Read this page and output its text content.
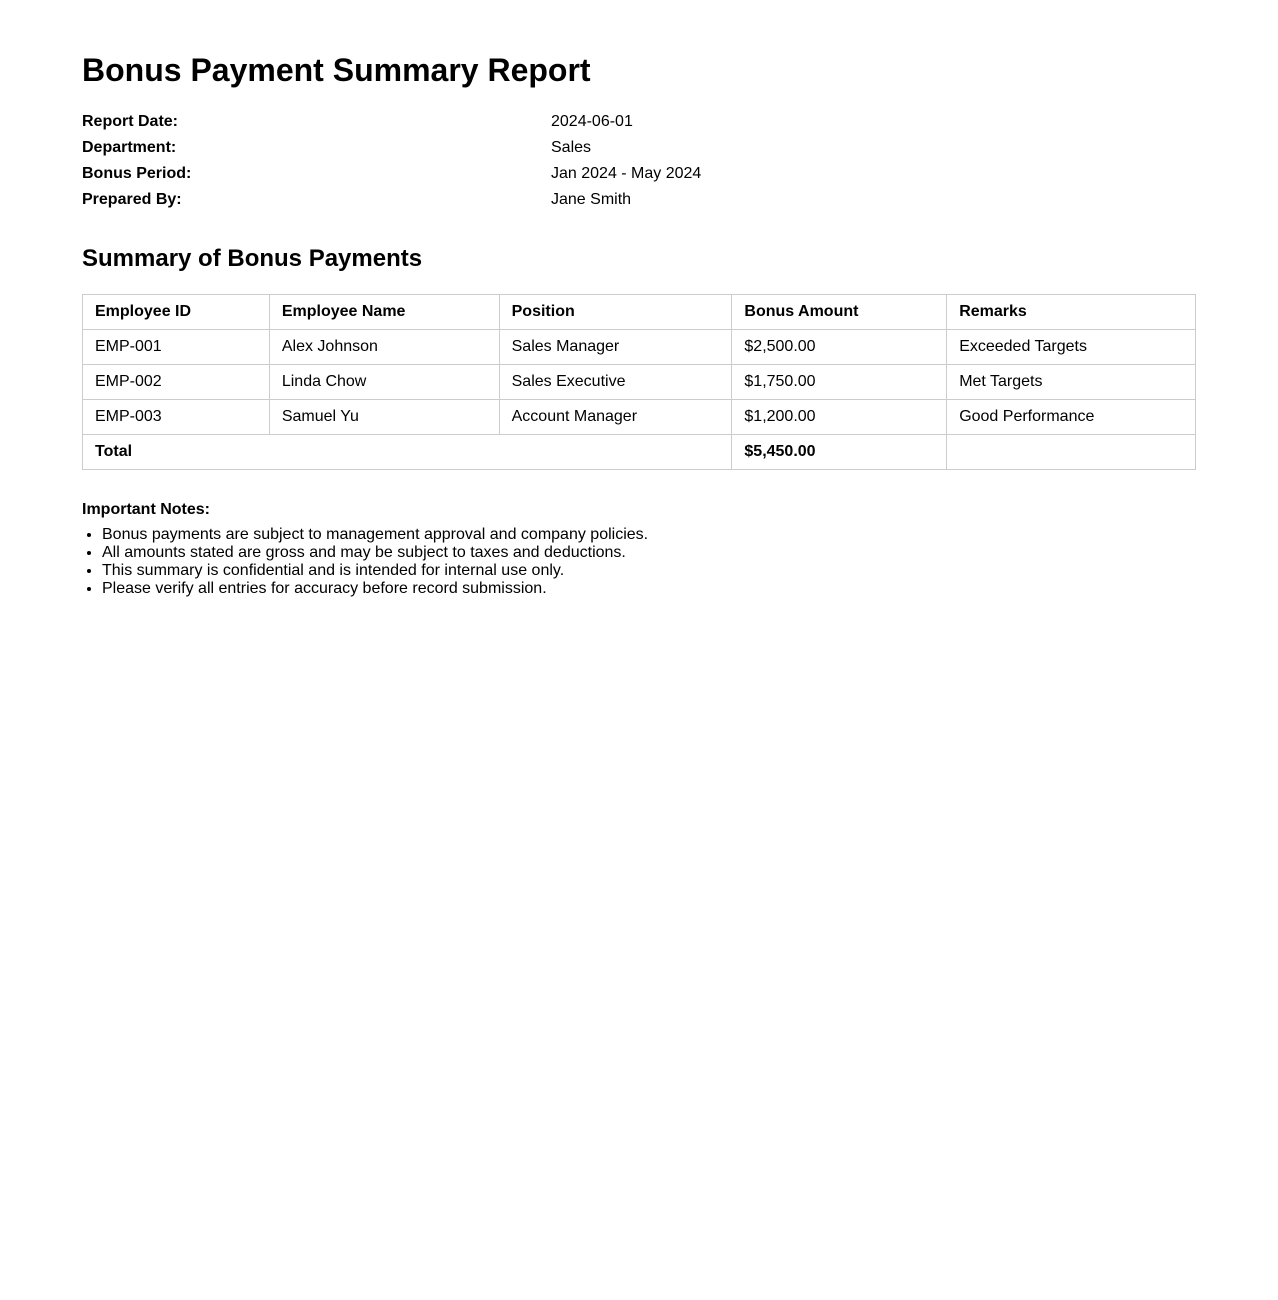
Bonus Payment Summary Report
Report Date:	2024-06-01
Department:	Sales
Bonus Period:	Jan 2024 - May 2024
Prepared By:	Jane Smith
Summary of Bonus Payments
Employee ID	Employee Name	Position	Bonus Amount	Remarks
EMP-001	Alex Johnson	Sales Manager	$2,500.00	Exceeded Targets
EMP-002	Linda Chow	Sales Executive	$1,750.00	Met Targets
EMP-003	Samuel Yu	Account Manager	$1,200.00	Good Performance
Total			$5,450.00	

Important Notes:

• Bonus payments are subject to management approval and company policies.
• All amounts stated are gross and may be subject to taxes and deductions.
• This summary is confidential and is intended for internal use only.
• Please verify all entries for accuracy before record submission.
